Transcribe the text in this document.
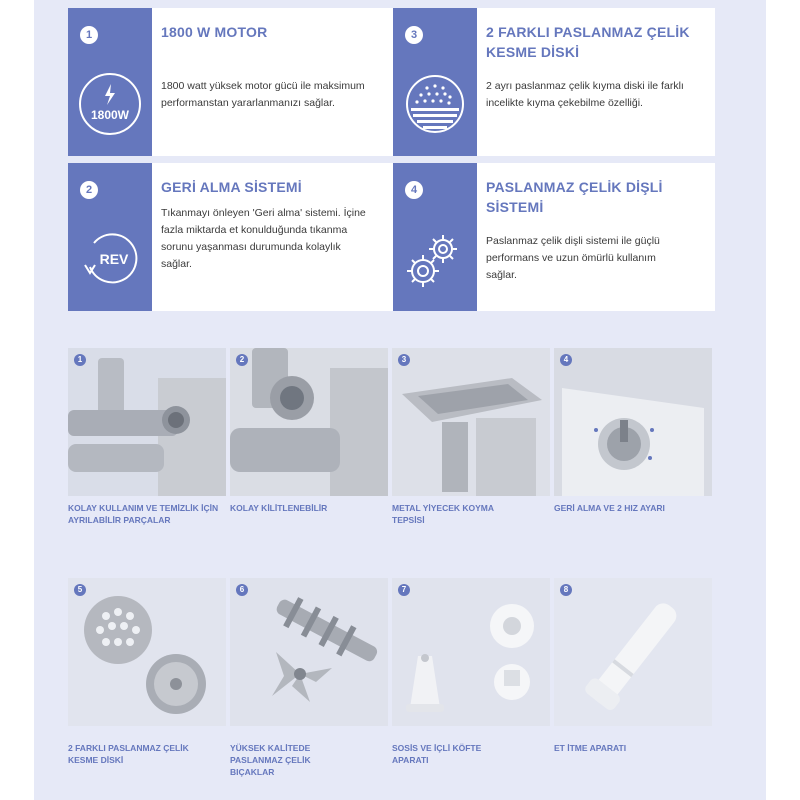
1
1800W
1800 W MOTOR
1800 watt yüksek motor gücü ile maksimum performanstan yararlanmanızı sağlar.
3	2 FARKLI PASLANMAZ ÇELİK KESME DİSKİ
2 ayrı paslanmaz çelik kıyma diski ile farklı incelikte kıyma çekebilme özelliği.
2
REV
GERİ ALMA SİSTEMİ
Tıkanmayı önleyen 'Geri alma' sistemi. İçine fazla miktarda et konulduğunda tıkanma sorunu yaşanması durumunda kolaylık sağlar.
4	PASLANMAZ ÇELİK DİŞLİ SİSTEMİ
Paslanmaz çelik dişli sistemi ile güçlü performans ve uzun ömürlü kullanım sağlar.
1	2	3	4
KOLAY KULLANIM VE TEMİZLİK İÇİN AYRILABİLİR PARÇALAR
KOLAY KİLİTLENEBİLİR	METAL YİYECEK KOYMA TEPSİSİ
GERİ ALMA VE 2 HIZ AYARI
5	6	7	8
2 FARKLI PASLANMAZ ÇELİK KESME DİSKİ
YÜKSEK KALİTEDE PASLANMAZ ÇELİK BIÇAKLAR
SOSİS VE İÇLİ KÖFTE APARATI
ET İTME APARATI
